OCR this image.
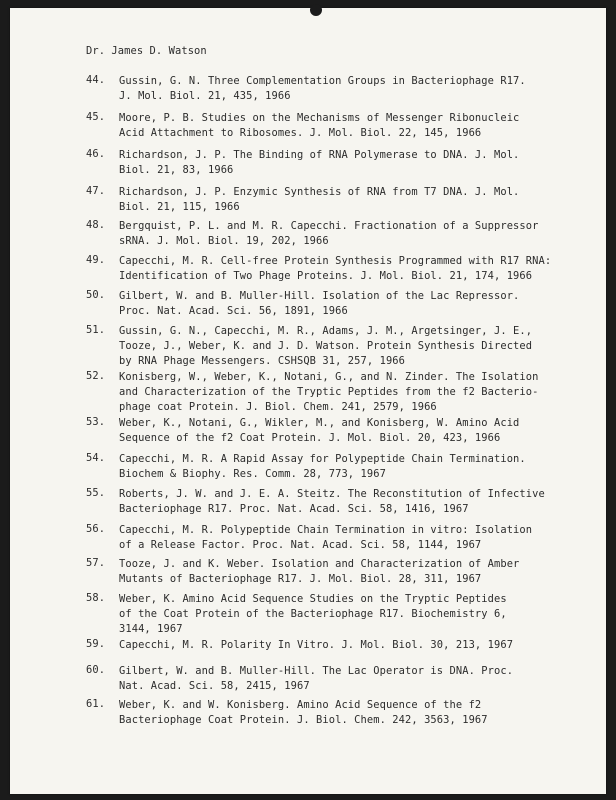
Dr. James D. Watson
44. Gussin, G. N. Three Complementation Groups in Bacteriophage R17.
J. Mol. Biol. 21, 435, 1966
45. Moore, P. B. Studies on the Mechanisms of Messenger Ribonucleic
Acid Attachment to Ribosomes. J. Mol. Biol. 22, 145, 1966
46. Richardson, J. P. The Binding of RNA Polymerase to DNA. J. Mol.
Biol. 21, 83, 1966
47. Richardson, J. P. Enzymic Synthesis of RNA from T7 DNA. J. Mol.
Biol. 21, 115, 1966
48. Bergquist, P. L. and M. R. Capecchi. Fractionation of a Suppressor
sRNA. J. Mol. Biol. 19, 202, 1966
49. Capecchi, M. R. Cell-free Protein Synthesis Programmed with R17 RNA:
Identification of Two Phage Proteins. J. Mol. Biol. 21, 174, 1966
50. Gilbert, W. and B. Muller-Hill. Isolation of the Lac Repressor.
Proc. Nat. Acad. Sci. 56, 1891, 1966
51. Gussin, G. N., Capecchi, M. R., Adams, J. M., Argetsinger, J. E.,
Tooze, J., Weber, K. and J. D. Watson. Protein Synthesis Directed
by RNA Phage Messengers. CSHSQB 31, 257, 1966
52. Konisberg, W., Weber, K., Notani, G., and N. Zinder. The Isolation
and Characterization of the Tryptic Peptides from the f2 Bacterio-
phage coat Protein. J. Biol. Chem. 241, 2579, 1966
53. Weber, K., Notani, G., Wikler, M., and Konisberg, W. Amino Acid
Sequence of the f2 Coat Protein. J. Mol. Biol. 20, 423, 1966
54. Capecchi, M. R. A Rapid Assay for Polypeptide Chain Termination.
Biochem & Biophy. Res. Comm. 28, 773, 1967
55. Roberts, J. W. and J. E. A. Steitz. The Reconstitution of Infective
Bacteriophage R17. Proc. Nat. Acad. Sci. 58, 1416, 1967
56. Capecchi, M. R. Polypeptide Chain Termination in vitro: Isolation
of a Release Factor. Proc. Nat. Acad. Sci. 58, 1144, 1967
57. Tooze, J. and K. Weber. Isolation and Characterization of Amber
Mutants of Bacteriophage R17. J. Mol. Biol. 28, 311, 1967
58. Weber, K. Amino Acid Sequence Studies on the Tryptic Peptides
of the Coat Protein of the Bacteriophage R17. Biochemistry 6,
3144, 1967
59. Capecchi, M. R. Polarity In Vitro. J. Mol. Biol. 30, 213, 1967
60. Gilbert, W. and B. Muller-Hill. The Lac Operator is DNA. Proc.
Nat. Acad. Sci. 58, 2415, 1967
61. Weber, K. and W. Konisberg. Amino Acid Sequence of the f2
Bacteriophage Coat Protein. J. Biol. Chem. 242, 3563, 1967
